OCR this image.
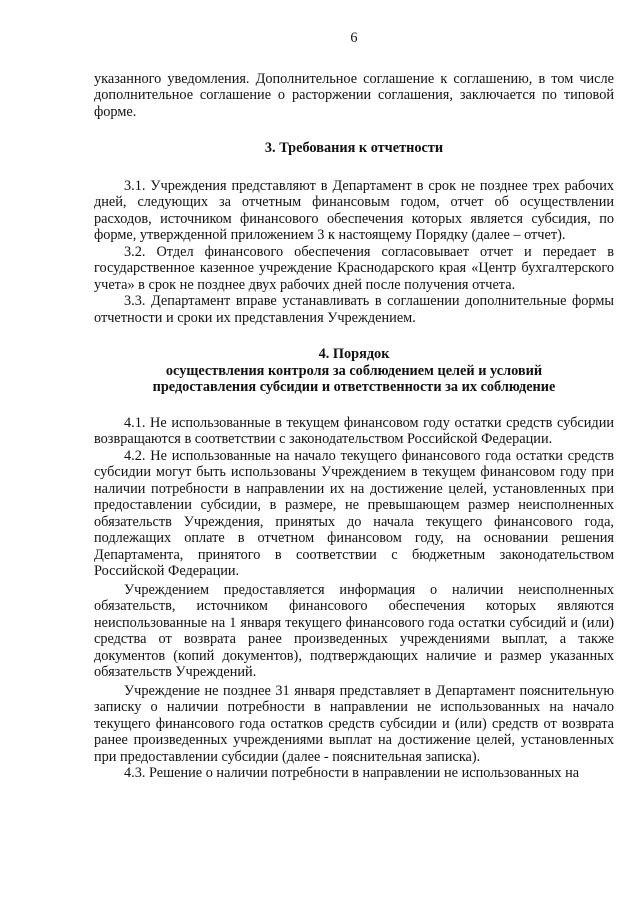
6

указанного уведомления. Дополнительное соглашение к соглашению, в том числе дополнительное соглашение о расторжении соглашения, заключается по типовой форме.

3. Требования к отчетности

3.1. Учреждения представляют в Департамент в срок не позднее трех рабочих дней, следующих за отчетным финансовым годом, отчет об осуществлении расходов, источником финансового обеспечения которых является субсидия, по форме, утвержденной приложением 3 к настоящему Порядку (далее – отчет).

3.2. Отдел финансового обеспечения согласовывает отчет и передает в государственное казенное учреждение Краснодарского края «Центр бухгалтерского учета» в срок не позднее двух рабочих дней после получения отчета.

3.3. Департамент вправе устанавливать в соглашении дополнительные формы отчетности и сроки их представления Учреждением.

4. Порядок
осуществления контроля за соблюдением целей и условий
предоставления субсидии и ответственности за их соблюдение

4.1. Не использованные в текущем финансовом году остатки средств субсидии возвращаются в соответствии с законодательством Российской Федерации.

4.2. Не использованные на начало текущего финансового года остатки средств субсидии могут быть использованы Учреждением в текущем финансовом году при наличии потребности в направлении их на достижение целей, установленных при предоставлении субсидии, в размере, не превышающем размер неисполненных обязательств Учреждения, принятых до начала текущего финансового года, подлежащих оплате в отчетном финансовом году, на основании решения Департамента, принятого в соответствии с бюджетным законодательством Российской Федерации.

Учреждением предоставляется информация о наличии неисполненных обязательств, источником финансового обеспечения которых являются неиспользованные на 1 января текущего финансового года остатки субсидий и (или) средства от возврата ранее произведенных учреждениями выплат, а также документов (копий документов), подтверждающих наличие и размер указанных обязательств Учреждений.

Учреждение не позднее 31 января представляет в Департамент пояснительную записку о наличии потребности в направлении не использованных на начало текущего финансового года остатков средств субсидии и (или) средств от возврата ранее произведенных учреждениями выплат на достижение целей, установленных при предоставлении субсидии (далее - пояснительная записка).

4.3. Решение о наличии потребности в направлении не использованных на
